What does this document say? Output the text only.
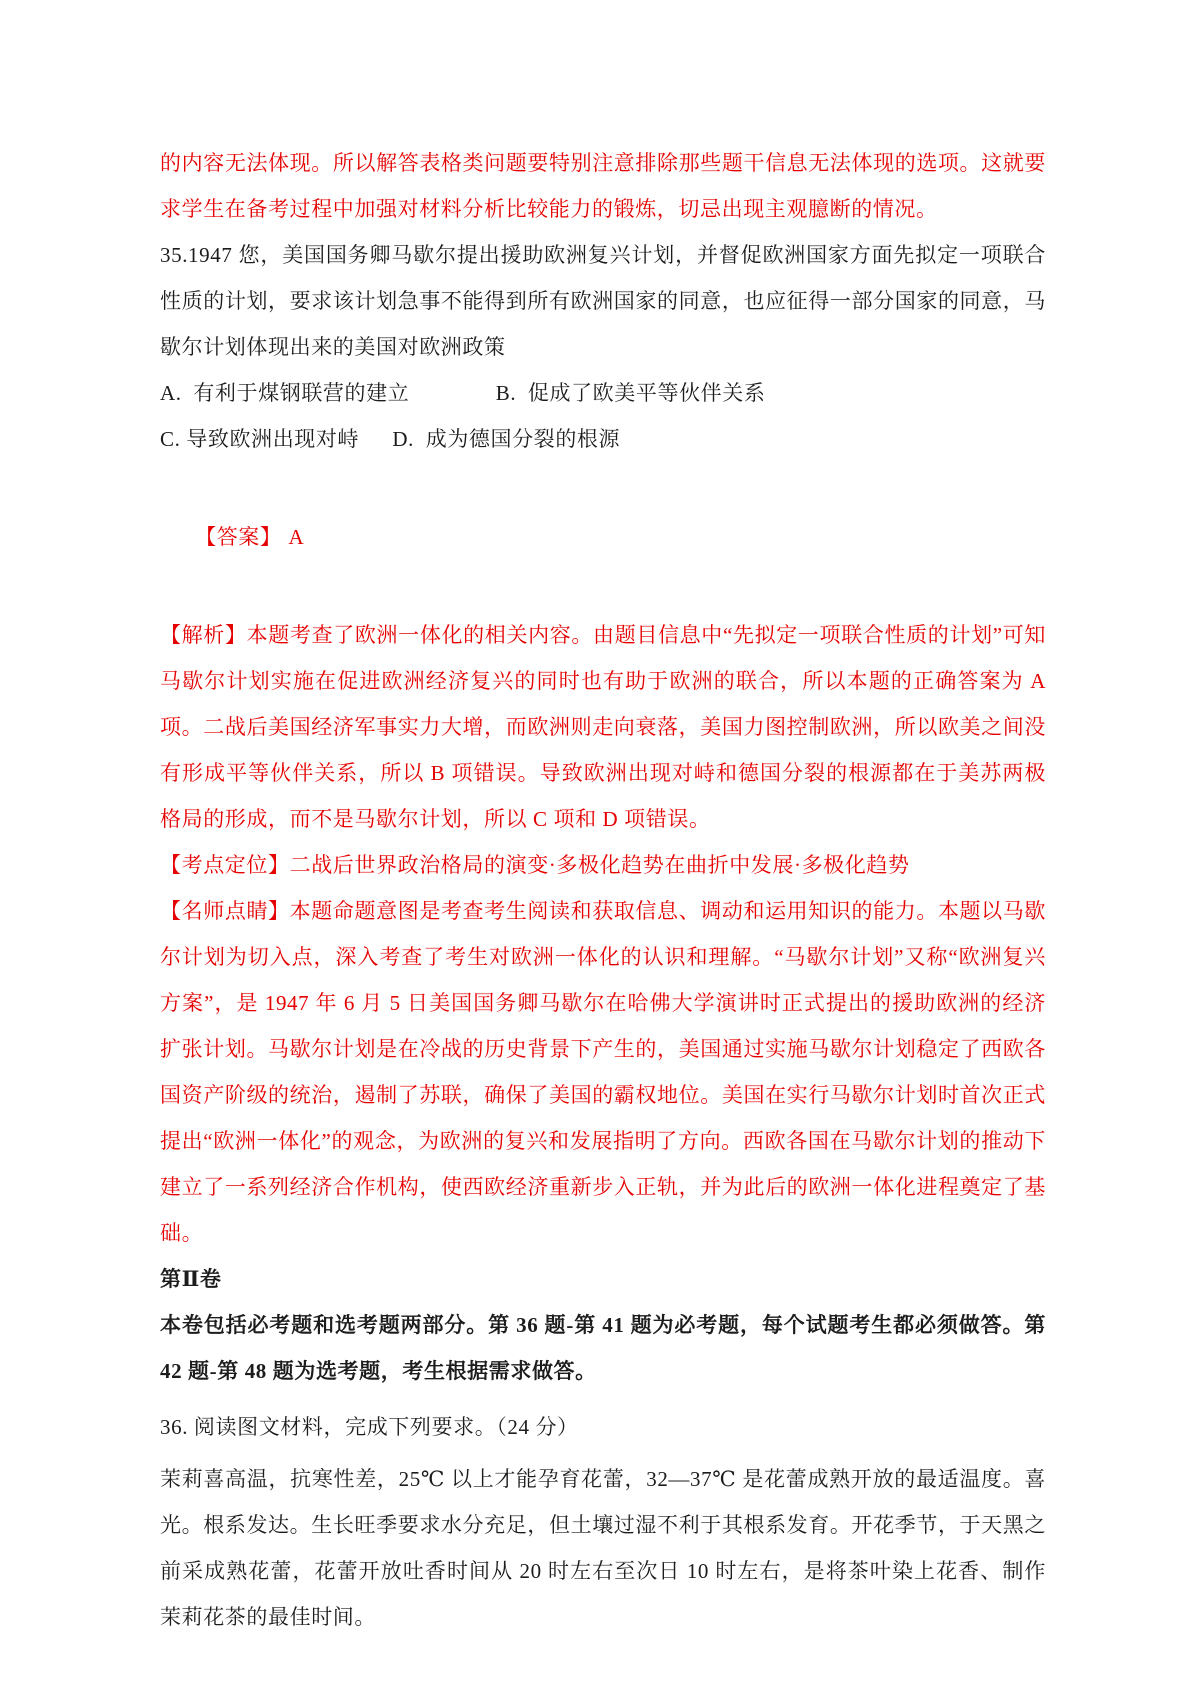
的内容无法体现。所以解答表格类问题要特别注意排除那些题干信息无法体现的选项。这就要求学生在备考过程中加强对材料分析比较能力的锻炼，切忌出现主观臆断的情况。

35.1947 您，美国国务卿马歇尔提出援助欧洲复兴计划，并督促欧洲国家方面先拟定一项联合性质的计划，要求该计划急事不能得到所有欧洲国家的同意，也应征得一部分国家的同意，马歇尔计划体现出来的美国对欧洲政策

A.  有利于煤钢联营的建立　　　　B.  促成了欧美平等伙伴关系

C. 导致欧洲出现对峙　  D.  成为德国分裂的根源

【答案】 A

【解析】本题考查了欧洲一体化的相关内容。由题目信息中“先拟定一项联合性质的计划”可知马歇尔计划实施在促进欧洲经济复兴的同时也有助于欧洲的联合，所以本题的正确答案为 A 项。二战后美国经济军事实力大增，而欧洲则走向衰落，美国力图控制欧洲，所以欧美之间没有形成平等伙伴关系，所以 B 项错误。导致欧洲出现对峙和德国分裂的根源都在于美苏两极格局的形成，而不是马歇尔计划，所以 C 项和 D 项错误。

【考点定位】二战后世界政治格局的演变·多极化趋势在曲折中发展·多极化趋势

【名师点睛】本题命题意图是考查考生阅读和获取信息、调动和运用知识的能力。本题以马歇尔计划为切入点，深入考查了考生对欧洲一体化的认识和理解。“马歇尔计划”又称“欧洲复兴方案”，是 1947 年 6 月 5 日美国国务卿马歇尔在哈佛大学演讲时正式提出的援助欧洲的经济扩张计划。马歇尔计划是在冷战的历史背景下产生的，美国通过实施马歇尔计划稳定了西欧各国资产阶级的统治，遏制了苏联，确保了美国的霸权地位。美国在实行马歇尔计划时首次正式提出“欧洲一体化”的观念，为欧洲的复兴和发展指明了方向。西欧各国在马歇尔计划的推动下建立了一系列经济合作机构，使西欧经济重新步入正轨，并为此后的欧洲一体化进程奠定了基础。

第Ⅱ卷

本卷包括必考题和选考题两部分。第 36 题-第 41 题为必考题，每个试题考生都必须做答。第 42 题-第 48 题为选考题，考生根据需求做答。

36. 阅读图文材料，完成下列要求。（24 分）

茉莉喜高温，抗寒性差，25℃ 以上才能孕育花蕾，32—37℃ 是花蕾成熟开放的最适温度。喜光。根系发达。生长旺季要求水分充足，但土壤过湿不利于其根系发育。开花季节，于天黑之前采成熟花蕾，花蕾开放吐香时间从 20 时左右至次日 10 时左右，是将茶叶染上花香、制作茉莉花茶的最佳时间。
